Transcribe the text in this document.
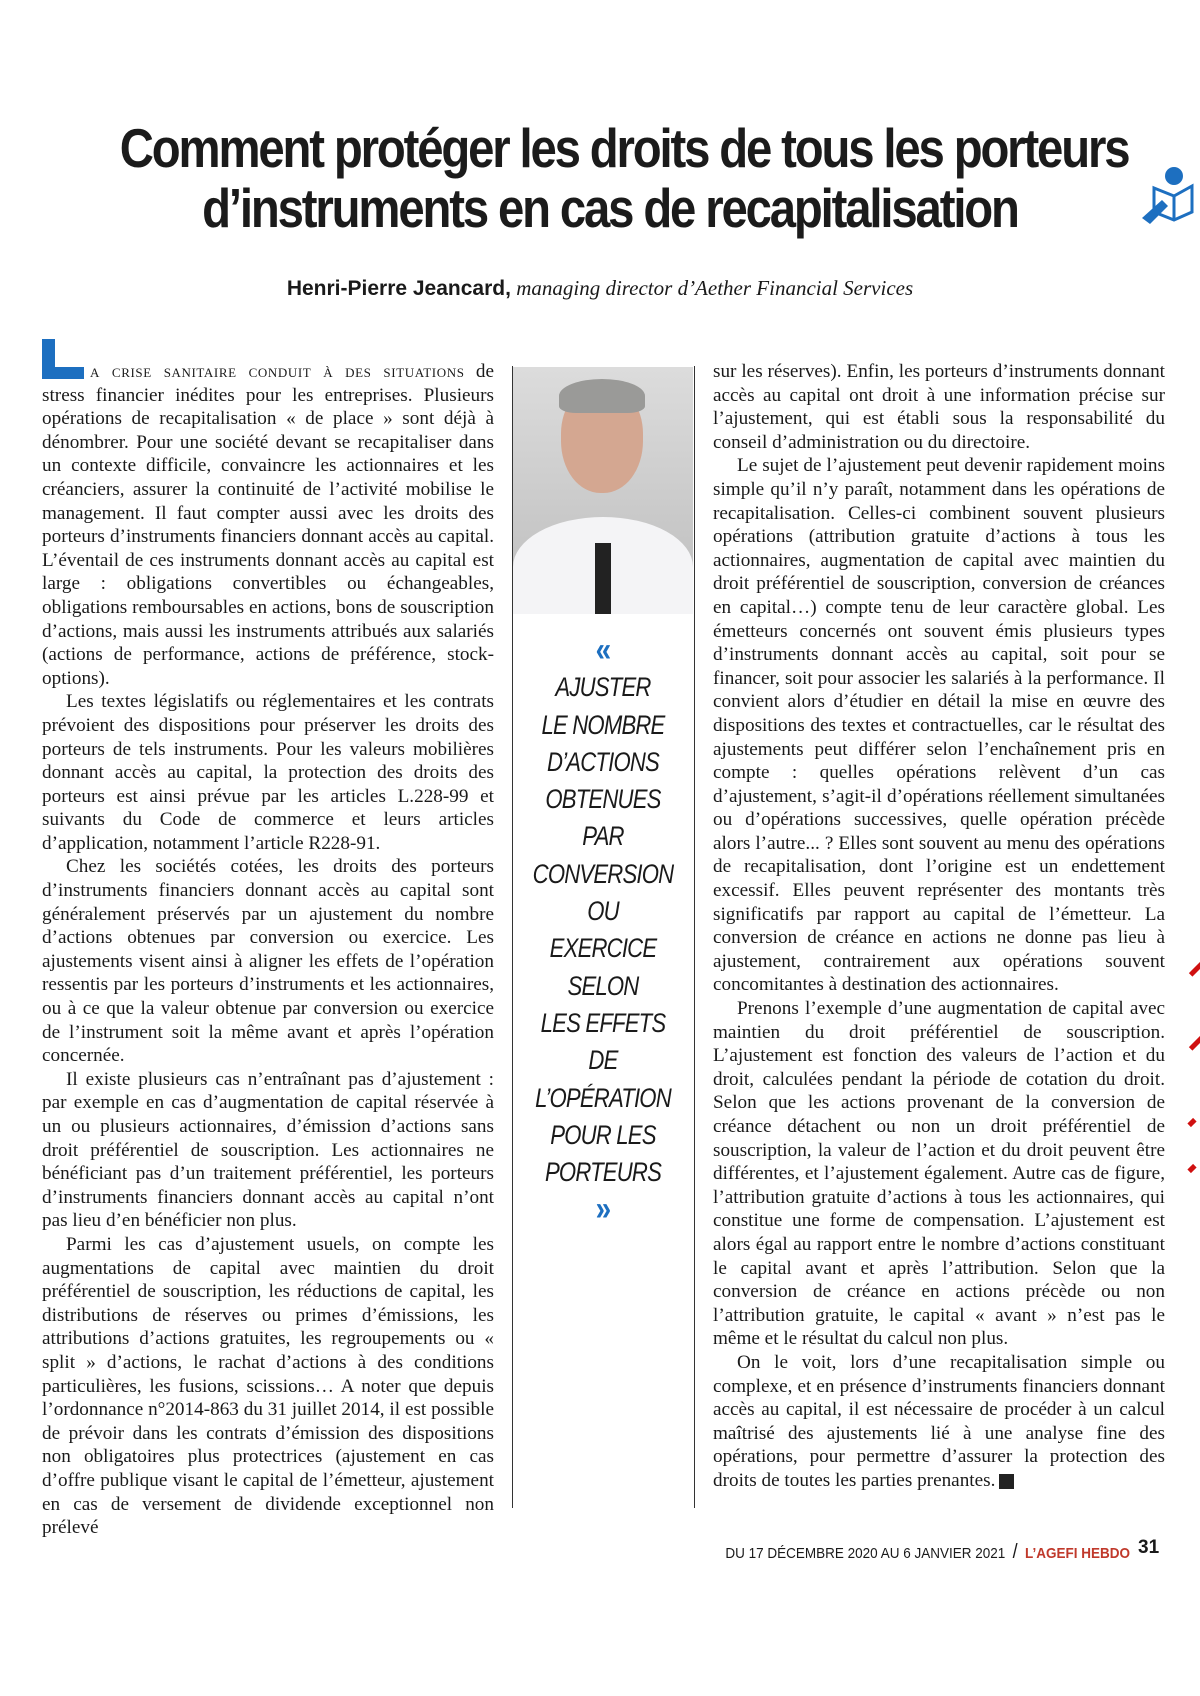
Comment protéger les droits de tous les porteurs
d’instruments en cas de recapitalisation
Henri-Pierre Jeancard, managing director d’Aether Financial Services

a crise sanitaire conduit à des situations de stress financier inédites pour les entreprises. Plusieurs opérations de recapitalisation « de place » sont déjà à dénombrer. Pour une société devant se recapitaliser dans un contexte difficile, convaincre les actionnaires et les créanciers, assurer la continuité de l’activité mobilise le management. Il faut compter aussi avec les droits des porteurs d’instruments financiers donnant accès au capital. L’éventail de ces instruments donnant accès au capital est large : obligations convertibles ou échangeables, obligations remboursables en actions, bons de souscription d’actions, mais aussi les instruments attribués aux salariés (actions de performance, actions de préférence, stock-options).

Les textes législatifs ou réglementaires et les contrats prévoient des dispositions pour préserver les droits des porteurs de tels instruments. Pour les valeurs mobilières donnant accès au capital, la protection des droits des porteurs est ainsi prévue par les articles L.228-99 et suivants du Code de commerce et leurs articles d’application, notamment l’article R228-91.

Chez les sociétés cotées, les droits des porteurs d’instruments financiers donnant accès au capital sont généralement préservés par un ajustement du nombre d’actions obtenues par conversion ou exercice. Les ajustements visent ainsi à aligner les effets de l’opération ressentis par les porteurs d’instruments et les actionnaires, ou à ce que la valeur obtenue par conversion ou exercice de l’instrument soit la même avant et après l’opération concernée.

Il existe plusieurs cas n’entraînant pas d’ajustement : par exemple en cas d’augmentation de capital réservée à un ou plusieurs actionnaires, d’émission d’actions sans droit préférentiel de souscription. Les actionnaires ne bénéficiant pas d’un traitement préférentiel, les porteurs d’instruments financiers donnant accès au capital n’ont pas lieu d’en bénéficier non plus.

Parmi les cas d’ajustement usuels, on compte les augmentations de capital avec maintien du droit préférentiel de souscription, les réductions de capital, les distributions de réserves ou primes d’émissions, les attributions d’actions gratuites, les regroupements ou « split » d’actions, le rachat d’actions à des conditions particulières, les fusions, scissions… A noter que depuis l’ordonnance n°2014-863 du 31 juillet 2014, il est possible de prévoir dans les contrats d’émission des dispositions non obligatoires plus protectrices (ajustement en cas d’offre publique visant le capital de l’émetteur, ajustement en cas de versement de dividende exceptionnel non prélevé

«
AJUSTER
LE NOMBRE
D’ACTIONS
OBTENUES PAR
CONVERSION OU
EXERCICE SELON
LES EFFETS DE
L’OPÉRATION
POUR LES
PORTEURS
»

sur les réserves). Enfin, les porteurs d’instruments donnant accès au capital ont droit à une information précise sur l’ajustement, qui est établi sous la responsabilité du conseil d’administration ou du directoire.

Le sujet de l’ajustement peut devenir rapidement moins simple qu’il n’y paraît, notamment dans les opérations de recapitalisation. Celles-ci combinent souvent plusieurs opérations (attribution gratuite d’actions à tous les actionnaires, augmentation de capital avec maintien du droit préférentiel de souscription, conversion de créances en capital…) compte tenu de leur caractère global. Les émetteurs concernés ont souvent émis plusieurs types d’instruments donnant accès au capital, soit pour se financer, soit pour associer les salariés à la performance. Il convient alors d’étudier en détail la mise en œuvre des dispositions des textes et contractuelles, car le résultat des ajustements peut différer selon l’enchaînement pris en compte : quelles opérations relèvent d’un cas d’ajustement, s’agit-il d’opérations réellement simultanées ou d’opérations successives, quelle opération précède alors l’autre... ? Elles sont souvent au menu des opérations de recapitalisation, dont l’origine est un endettement excessif. Elles peuvent représenter des montants très significatifs par rapport au capital de l’émetteur. La conversion de créance en actions ne donne pas lieu à ajustement, contrairement aux opérations souvent concomitantes à destination des actionnaires.

Prenons l’exemple d’une augmentation de capital avec maintien du droit préférentiel de souscription. L’ajustement est fonction des valeurs de l’action et du droit, calculées pendant la période de cotation du droit. Selon que les actions provenant de la conversion de créance détachent ou non un droit préférentiel de souscription, la valeur de l’action et du droit peuvent être différentes, et l’ajustement également. Autre cas de figure, l’attribution gratuite d’actions à tous les actionnaires, qui constitue une forme de compensation. L’ajustement est alors égal au rapport entre le nombre d’actions constituant le capital avant et après l’attribution. Selon que la conversion de créance en actions précède ou non l’attribution gratuite, le capital « avant » n’est pas le même et le résultat du calcul non plus.

On le voit, lors d’une recapitalisation simple ou complexe, et en présence d’instruments financiers donnant accès au capital, il est nécessaire de procéder à un calcul maîtrisé des ajustements lié à une analyse fine des opérations, pour permettre d’assurer la protection des droits de toutes les parties prenantes. A

DU 17 DÉCEMBRE 2020 AU 6 JANVIER 2021 / L’AGEFI HEBDO 31
